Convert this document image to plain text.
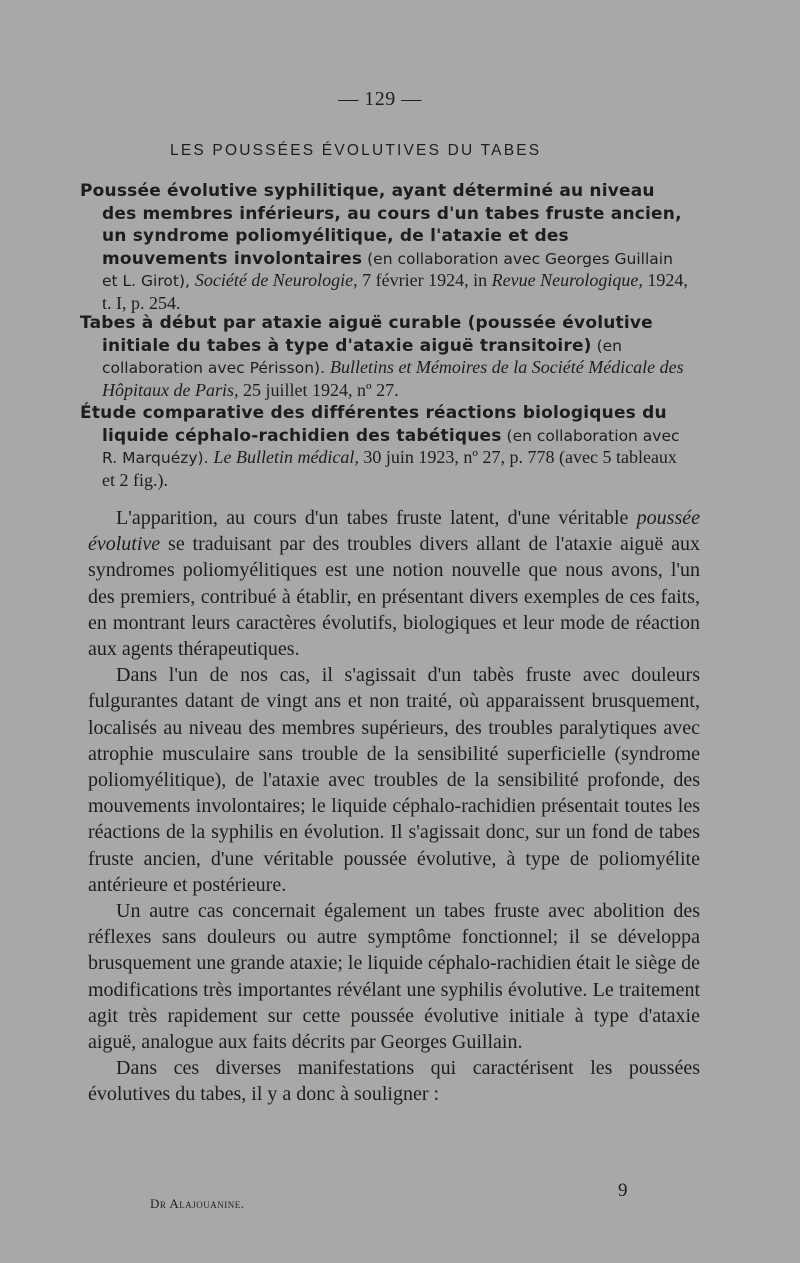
— 129 —
LES POUSSÉES ÉVOLUTIVES DU TABES

Poussée évolutive syphilitique, ayant déterminé au niveau des membres inférieurs, au cours d'un tabes fruste ancien, un syndrome poliomyélitique, de l'ataxie et des mouvements involontaires (en collaboration avec Georges Guillain et L. Girot), Société de Neurologie, 7 février 1924, in Revue Neurologique, 1924, t. I, p. 254.

Tabes à début par ataxie aiguë curable (poussée évolutive initiale du tabes à type d'ataxie aiguë transitoire) (en collaboration avec Périsson). Bulletins et Mémoires de la Société Médicale des Hôpitaux de Paris, 25 juillet 1924, nº 27.

Étude comparative des différentes réactions biologiques du liquide céphalo-rachidien des tabétiques (en collaboration avec R. Marquézy). Le Bulletin médical, 30 juin 1923, nº 27, p. 778 (avec 5 tableaux et 2 fig.).

L'apparition, au cours d'un tabes fruste latent, d'une véritable poussée évolutive se traduisant par des troubles divers allant de l'ataxie aiguë aux syndromes poliomyélitiques est une notion nouvelle que nous avons, l'un des premiers, contribué à établir, en présentant divers exemples de ces faits, en montrant leurs caractères évolutifs, biologiques et leur mode de réaction aux agents thérapeutiques.

Dans l'un de nos cas, il s'agissait d'un tabès fruste avec douleurs fulgurantes datant de vingt ans et non traité, où apparaissent brusquement, localisés au niveau des membres supérieurs, des troubles paralytiques avec atrophie musculaire sans trouble de la sensibilité superficielle (syndrome poliomyélitique), de l'ataxie avec troubles de la sensibilité profonde, des mouvements involontaires; le liquide céphalo-rachidien présentait toutes les réactions de la syphilis en évolution. Il s'agissait donc, sur un fond de tabes fruste ancien, d'une véritable poussée évolutive, à type de poliomyélite antérieure et postérieure.

Un autre cas concernait également un tabes fruste avec abolition des réflexes sans douleurs ou autre symptôme fonctionnel; il se développa brusquement une grande ataxie; le liquide céphalo-rachidien était le siège de modifications très importantes révélant une syphilis évolutive. Le traitement agit très rapidement sur cette poussée évolutive initiale à type d'ataxie aiguë, analogue aux faits décrits par Georges Guillain.

Dans ces diverses manifestations qui caractérisent les poussées évolutives du tabes, il y a donc à souligner :

Dr Alajouanine.
9
